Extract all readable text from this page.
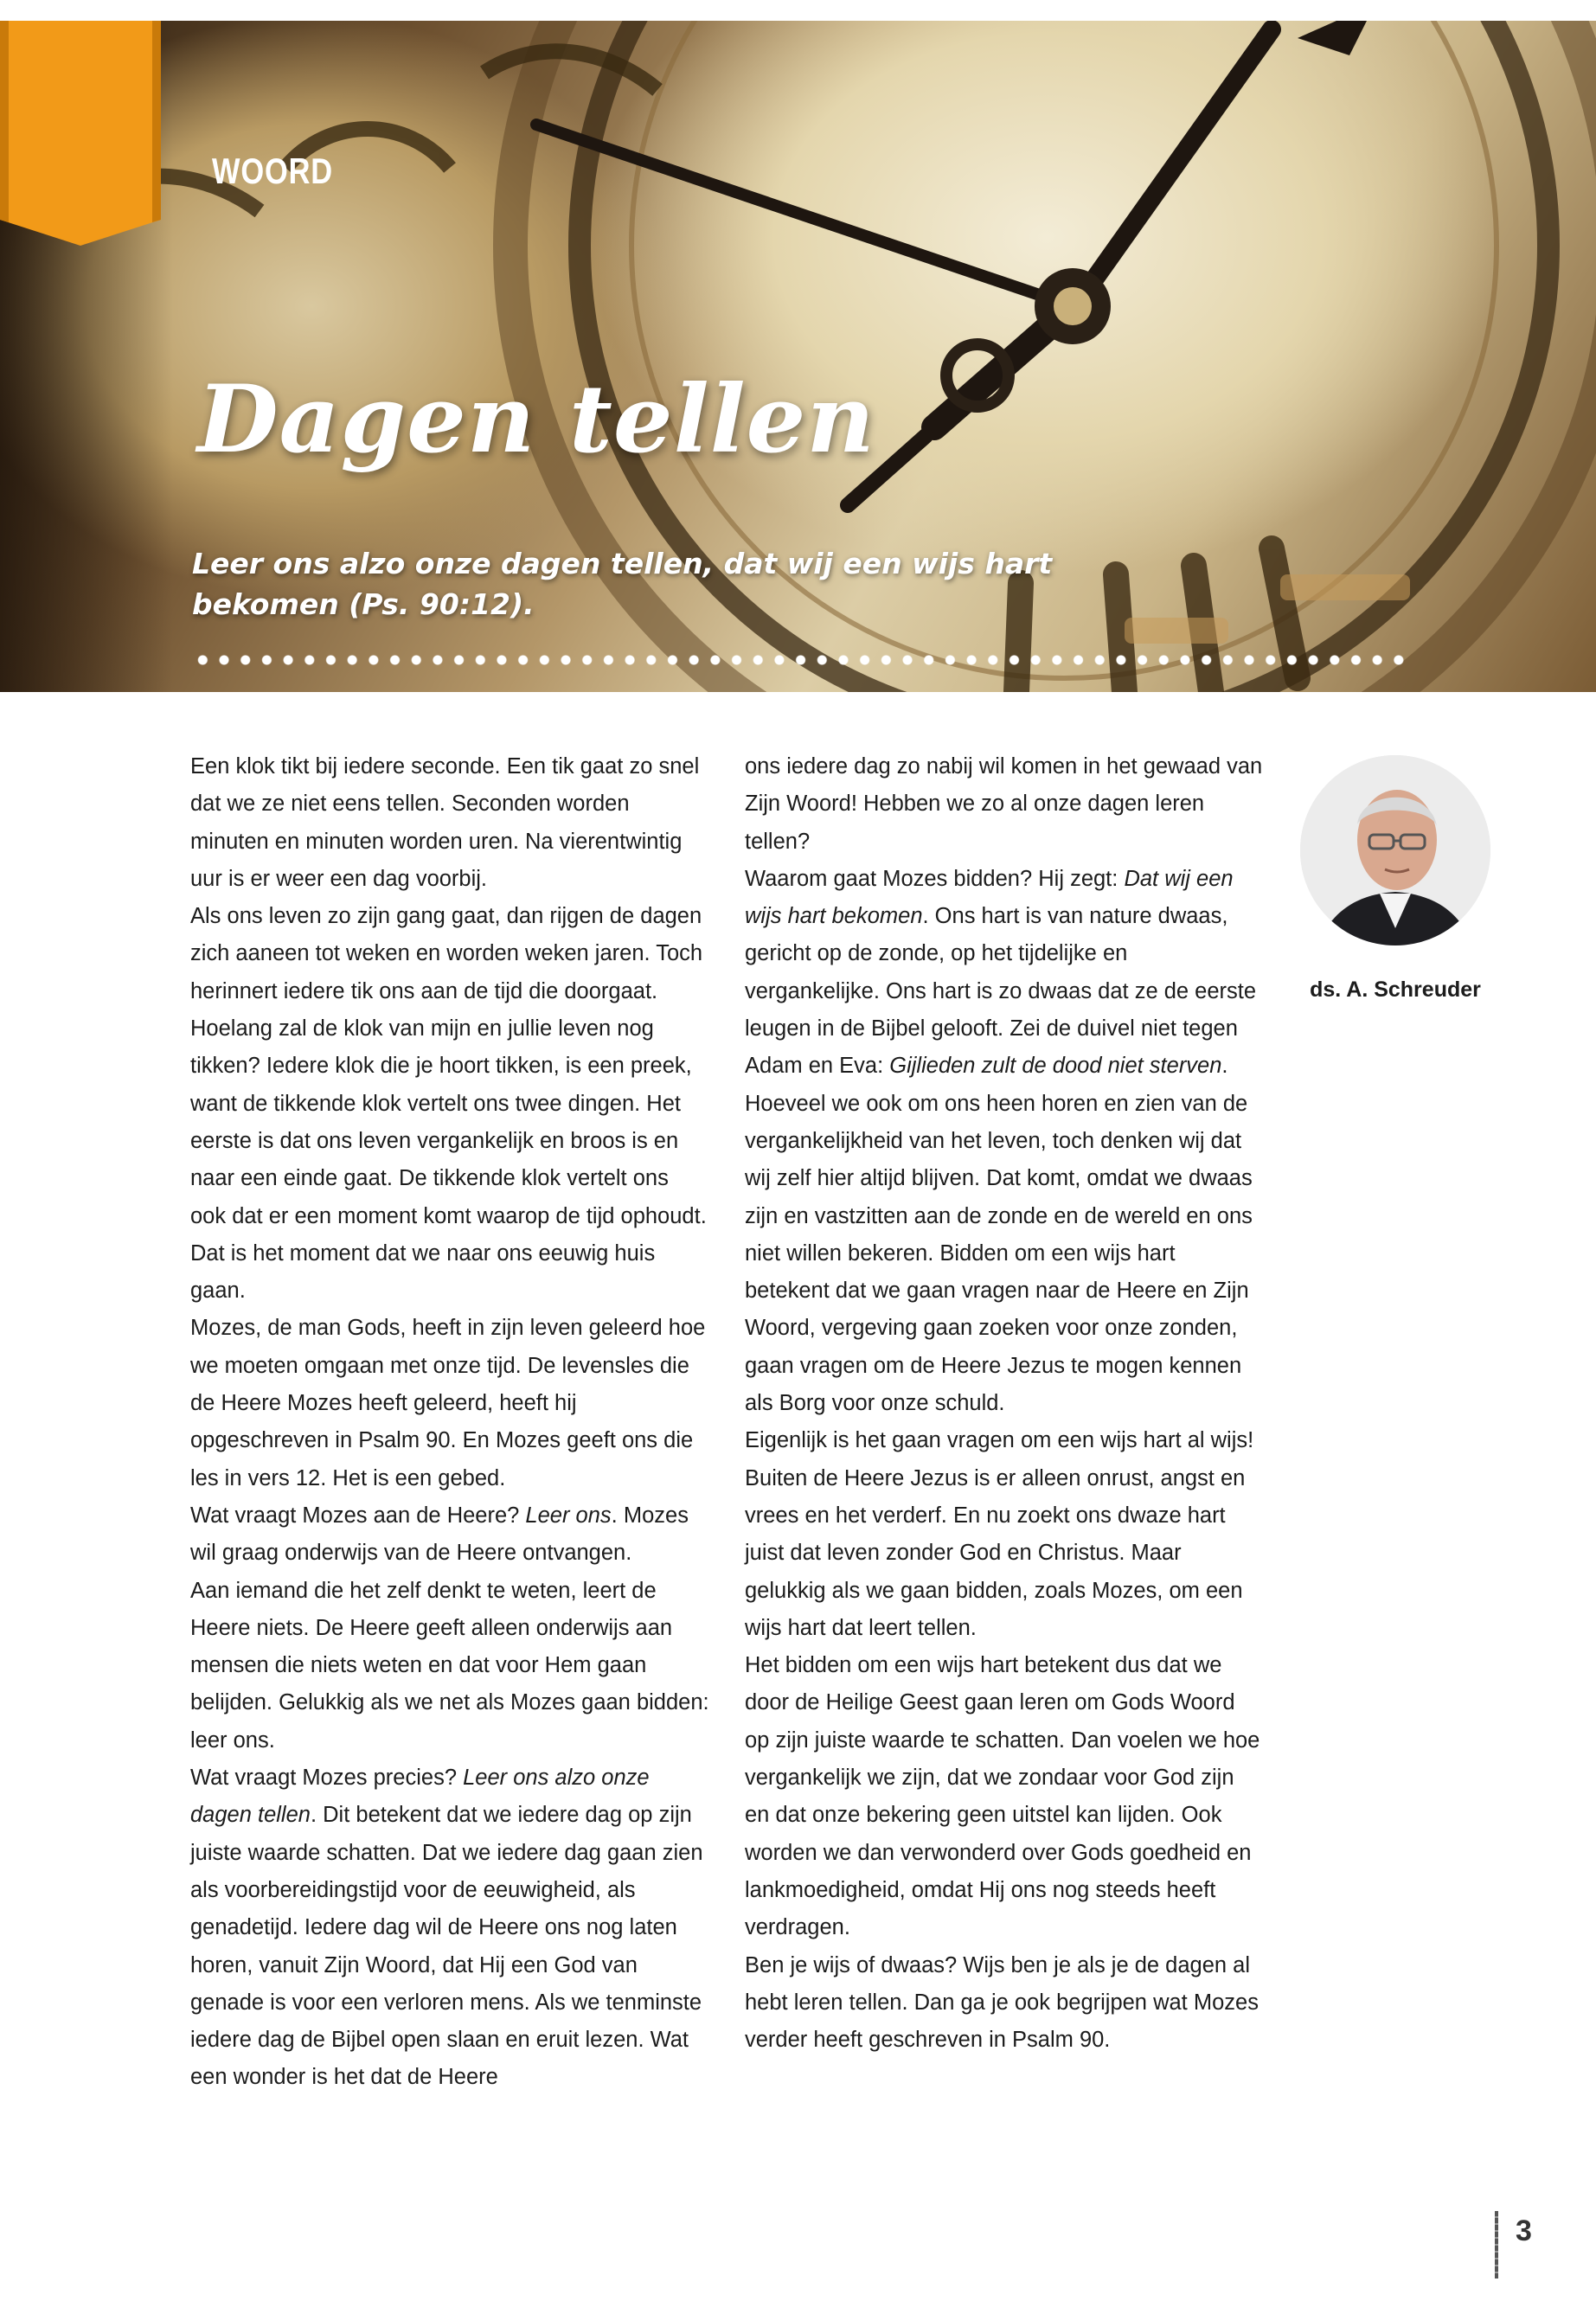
WOORD
Dagen tellen

Leer ons alzo onze dagen tellen, dat wij een wijs hart bekomen (Ps. 90:12).

Een klok tikt bij iedere seconde. Een tik gaat zo snel dat we ze niet eens tellen. Seconden worden minuten en minuten worden uren. Na vierentwintig uur is er weer een dag voorbij.

Als ons leven zo zijn gang gaat, dan rijgen de dagen zich aaneen tot weken en worden weken jaren. Toch herinnert iedere tik ons aan de tijd die doorgaat. Hoelang zal de klok van mijn en jullie leven nog tikken? Iedere klok die je hoort tikken, is een preek, want de tikkende klok vertelt ons twee dingen. Het eerste is dat ons leven vergankelijk en broos is en naar een einde gaat. De tikkende klok vertelt ons ook dat er een moment komt waarop de tijd ophoudt. Dat is het moment dat we naar ons eeuwig huis gaan.

Mozes, de man Gods, heeft in zijn leven geleerd hoe we moeten omgaan met onze tijd. De levensles die de Heere Mozes heeft geleerd, heeft hij opgeschreven in Psalm 90. En Mozes geeft ons die les in vers 12. Het is een gebed.

Wat vraagt Mozes aan de Heere? Leer ons. Mozes wil graag onderwijs van de Heere ontvangen.

Aan iemand die het zelf denkt te weten, leert de Heere niets. De Heere geeft alleen onderwijs aan mensen die niets weten en dat voor Hem gaan belijden. Gelukkig als we net als Mozes gaan bidden: leer ons.

Wat vraagt Mozes precies? Leer ons alzo onze dagen tellen. Dit betekent dat we iedere dag op zijn juiste waarde schatten. Dat we iedere dag gaan zien als voorbereidingstijd voor de eeuwigheid, als genadetijd. Iedere dag wil de Heere ons nog laten horen, vanuit Zijn Woord, dat Hij een God van genade is voor een verloren mens. Als we tenminste iedere dag de Bijbel open slaan en eruit lezen. Wat een wonder is het dat de Heere

ons iedere dag zo nabij wil komen in het gewaad van Zijn Woord! Hebben we zo al onze dagen leren tellen?

Waarom gaat Mozes bidden? Hij zegt: Dat wij een wijs hart bekomen. Ons hart is van nature dwaas, gericht op de zonde, op het tijdelijke en vergankelijke. Ons hart is zo dwaas dat ze de eerste leugen in de Bijbel gelooft. Zei de duivel niet tegen Adam en Eva: Gijlieden zult de dood niet sterven. Hoeveel we ook om ons heen horen en zien van de vergankelijkheid van het leven, toch denken wij dat wij zelf hier altijd blijven. Dat komt, omdat we dwaas zijn en vastzitten aan de zonde en de wereld en ons niet willen bekeren. Bidden om een wijs hart betekent dat we gaan vragen naar de Heere en Zijn Woord, vergeving gaan zoeken voor onze zonden, gaan vragen om de Heere Jezus te mogen kennen als Borg voor onze schuld.

Eigenlijk is het gaan vragen om een wijs hart al wijs! Buiten de Heere Jezus is er alleen onrust, angst en vrees en het verderf. En nu zoekt ons dwaze hart juist dat leven zonder God en Christus. Maar gelukkig als we gaan bidden, zoals Mozes, om een wijs hart dat leert tellen.

Het bidden om een wijs hart betekent dus dat we door de Heilige Geest gaan leren om Gods Woord op zijn juiste waarde te schatten. Dan voelen we hoe vergankelijk we zijn, dat we zondaar voor God zijn en dat onze bekering geen uitstel kan lijden. Ook worden we dan verwonderd over Gods goedheid en lankmoedigheid, omdat Hij ons nog steeds heeft verdragen.

Ben je wijs of dwaas? Wijs ben je als je de dagen al hebt leren tellen. Dan ga je ook begrijpen wat Mozes verder heeft geschreven in Psalm 90.

ds. A. Schreuder
3
